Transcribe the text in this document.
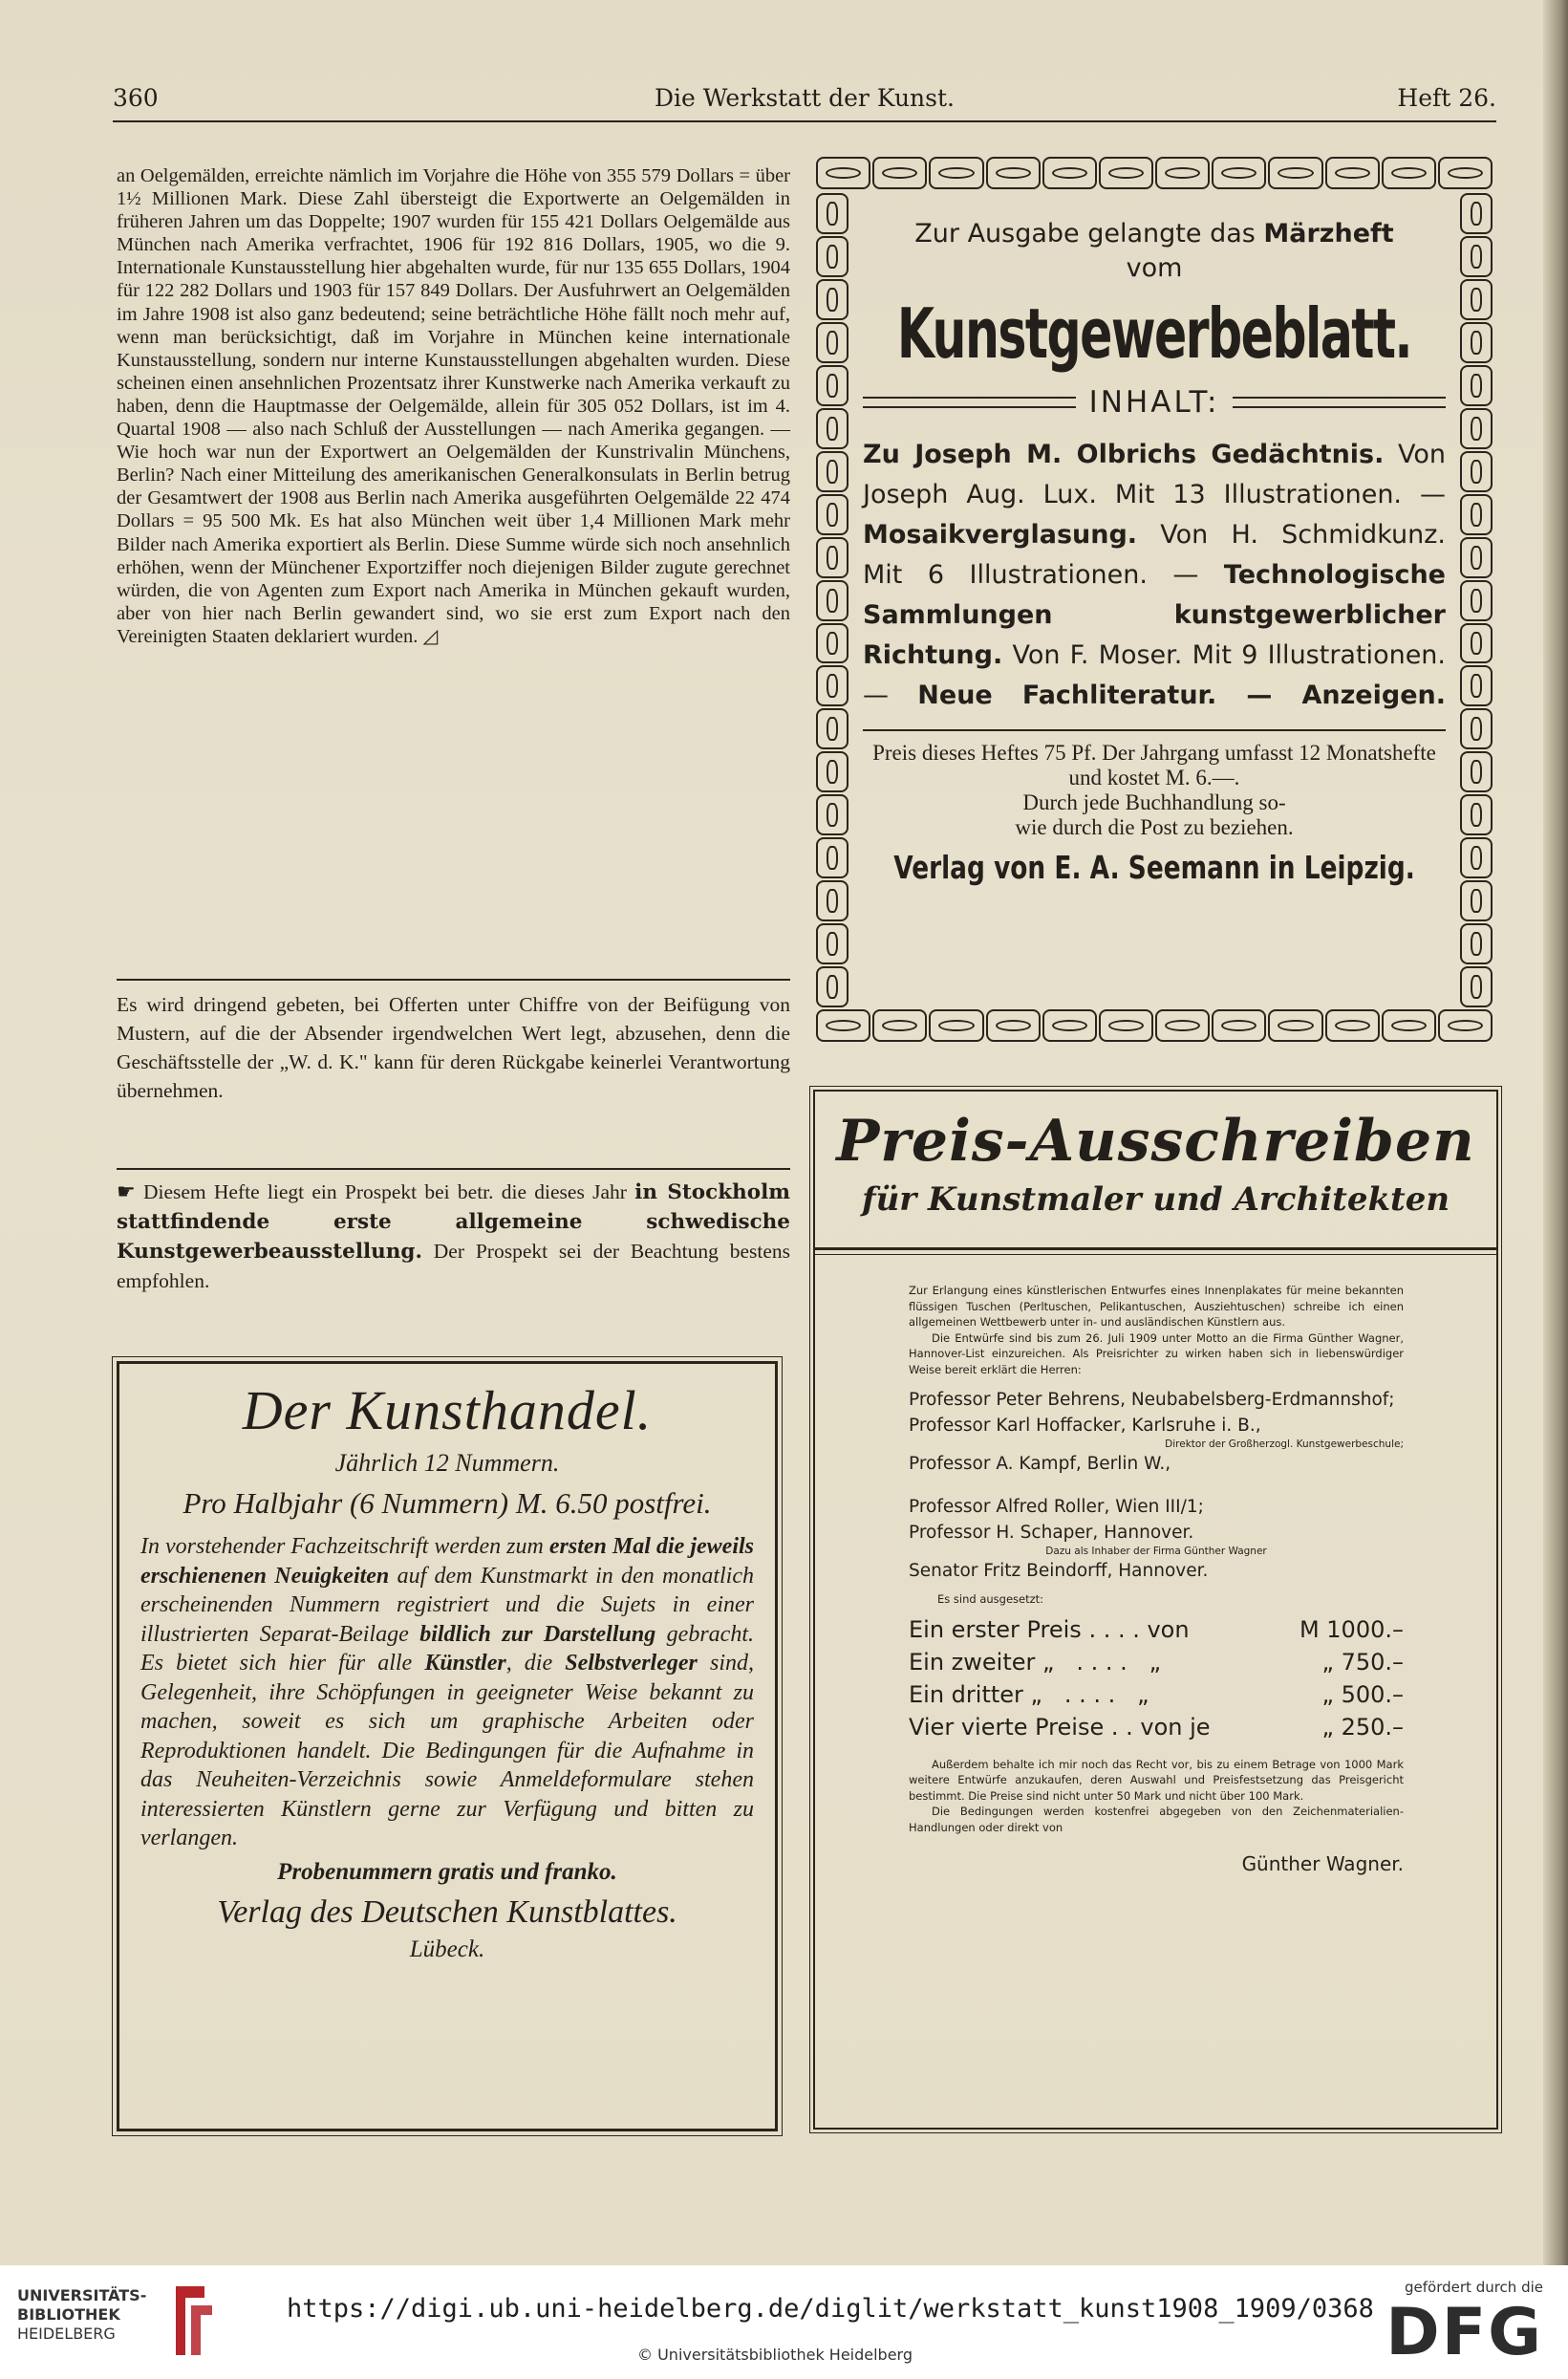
360	Die Werkstatt der Kunst.	Heft 26.
an Oelgemälden, erreichte nämlich im Vorjahre die Höhe von 355 579 Dollars = über 1½ Millionen Mark. Diese Zahl übersteigt die Exportwerte an Oelgemälden in früheren Jahren um das Doppelte; 1907 wurden für 155 421 Dollars Oelgemälde aus München nach Amerika verfrachtet, 1906 für 192 816 Dollars, 1905, wo die 9. Internationale Kunstausstellung hier abgehalten wurde, für nur 135 655 Dollars, 1904 für 122 282 Dollars und 1903 für 157 849 Dollars. Der Ausfuhrwert an Oelgemälden im Jahre 1908 ist also ganz bedeutend; seine beträchtliche Höhe fällt noch mehr auf, wenn man berücksichtigt, daß im Vorjahre in München keine internationale Kunstausstellung, sondern nur interne Kunstausstellungen abgehalten wurden. Diese scheinen einen ansehnlichen Prozentsatz ihrer Kunstwerke nach Amerika verkauft zu haben, denn die Hauptmasse der Oelgemälde, allein für 305 052 Dollars, ist im 4. Quartal 1908 — also nach Schluß der Ausstellungen — nach Amerika gegangen. — Wie hoch war nun der Exportwert an Oelgemälden der Kunstrivalin Münchens, Berlin? Nach einer Mitteilung des amerikanischen Generalkonsulats in Berlin betrug der Gesamtwert der 1908 aus Berlin nach Amerika ausgeführten Oelgemälde 22 474 Dollars = 95 500 Mk. Es hat also München weit über 1,4 Millionen Mark mehr Bilder nach Amerika exportiert als Berlin. Diese Summe würde sich noch ansehnlich erhöhen, wenn der Münchener Exportziffer noch diejenigen Bilder zugute gerechnet würden, die von Agenten zum Export nach Amerika in München gekauft wurden, aber von hier nach Berlin gewandert sind, wo sie erst zum Export nach den Vereinigten Staaten deklariert wurden. ◿
Es wird dringend gebeten, bei Offerten unter Chiffre von der Beifügung von Mustern, auf die der Absender irgendwelchen Wert legt, abzusehen, denn die Geschäftsstelle der „W. d. K." kann für deren Rückgabe keinerlei Verantwortung übernehmen.
☛ Diesem Hefte liegt ein Prospekt bei betr. die dieses Jahr in Stockholm stattfindende erste allgemeine schwedische Kunstgewerbeausstellung. Der Prospekt sei der Beachtung bestens empfohlen.
Der Kunsthandel.
Jährlich 12 Nummern.
Pro Halbjahr (6 Nummern) M. 6.50 postfrei.
In vorstehender Fachzeitschrift werden zum ersten Mal die jeweils erschienenen Neuigkeiten auf dem Kunstmarkt in den monatlich erscheinenden Nummern registriert und die Sujets in einer illustrierten Separat-Beilage bildlich zur Darstellung gebracht. Es bietet sich hier für alle Künstler, die Selbstverleger sind, Gelegenheit, ihre Schöpfungen in geeigneter Weise bekannt zu machen, soweit es sich um graphische Arbeiten oder Reproduktionen handelt. Die Bedingungen für die Aufnahme in das Neuheiten-Verzeichnis sowie Anmeldeformulare stehen interessierten Künstlern gerne zur Verfügung und bitten zu verlangen.
Probenummern gratis und franko.
Verlag des Deutschen Kunstblattes.
Lübeck.
Zur Ausgabe gelangte das Märzheft
vom
Kunstgewerbeblatt.
INHALT:
Zu Joseph M. Olbrichs Gedächtnis. Von Joseph Aug. Lux. Mit 13 Illustrationen. — Mosaikverglasung. Von H. Schmidkunz. Mit 6 Illustrationen. — Technologische Sammlungen kunstgewerblicher Richtung. Von F. Moser. Mit 9 Illustrationen. — Neue Fachliteratur. — Anzeigen.
Preis dieses Heftes 75 Pf. Der Jahrgang umfasst 12 Monatshefte und kostet M. 6.—.
Durch jede Buchhandlung so-
wie durch die Post zu beziehen.
Verlag von E. A. Seemann in Leipzig.
Preis-Ausschreiben
für Kunstmaler und Architekten
Zur Erlangung eines künstlerischen Entwurfes eines Innenplakates für meine bekannten flüssigen Tuschen (Perltuschen, Pelikantuschen, Ausziehtuschen) schreibe ich einen allgemeinen Wettbewerb unter in- und ausländischen Künstlern aus.
Die Entwürfe sind bis zum 26. Juli 1909 unter Motto an die Firma Günther Wagner, Hannover-List einzureichen. Als Preisrichter zu wirken haben sich in liebenswürdiger Weise bereit erklärt die Herren:
Professor Peter Behrens, Neubabelsberg-Erdmannshof;
Professor Karl Hoffacker, Karlsruhe i. B.,
Direktor der Großherzogl. Kunstgewerbeschule;
Professor A. Kampf, Berlin W.,
Professor Alfred Roller, Wien III/1;
Professor H. Schaper, Hannover.
Dazu als Inhaber der Firma Günther Wagner
Senator Fritz Beindorff, Hannover.
Es sind ausgesetzt:
Ein erster Preis . . . . von	M 1000.–
Ein zweiter „   . . . .   „	„ 750.–
Ein dritter „   . . . .   „	„ 500.–
Vier vierte Preise . . von je	„ 250.–
Außerdem behalte ich mir noch das Recht vor, bis zu einem Betrage von 1000 Mark weitere Entwürfe anzukaufen, deren Auswahl und Preisfestsetzung das Preisgericht bestimmt. Die Preise sind nicht unter 50 Mark und nicht über 100 Mark.
Die Bedingungen werden kostenfrei abgegeben von den Zeichenmaterialien-Handlungen oder direkt von
Günther Wagner.
UNIVERSITÄTS-
BIBLIOTHEK
HEIDELBERG
https://digi.ub.uni-heidelberg.de/diglit/werkstatt_kunst1908_1909/0368
© Universitätsbibliothek Heidelberg
gefördert durch die
DFG
